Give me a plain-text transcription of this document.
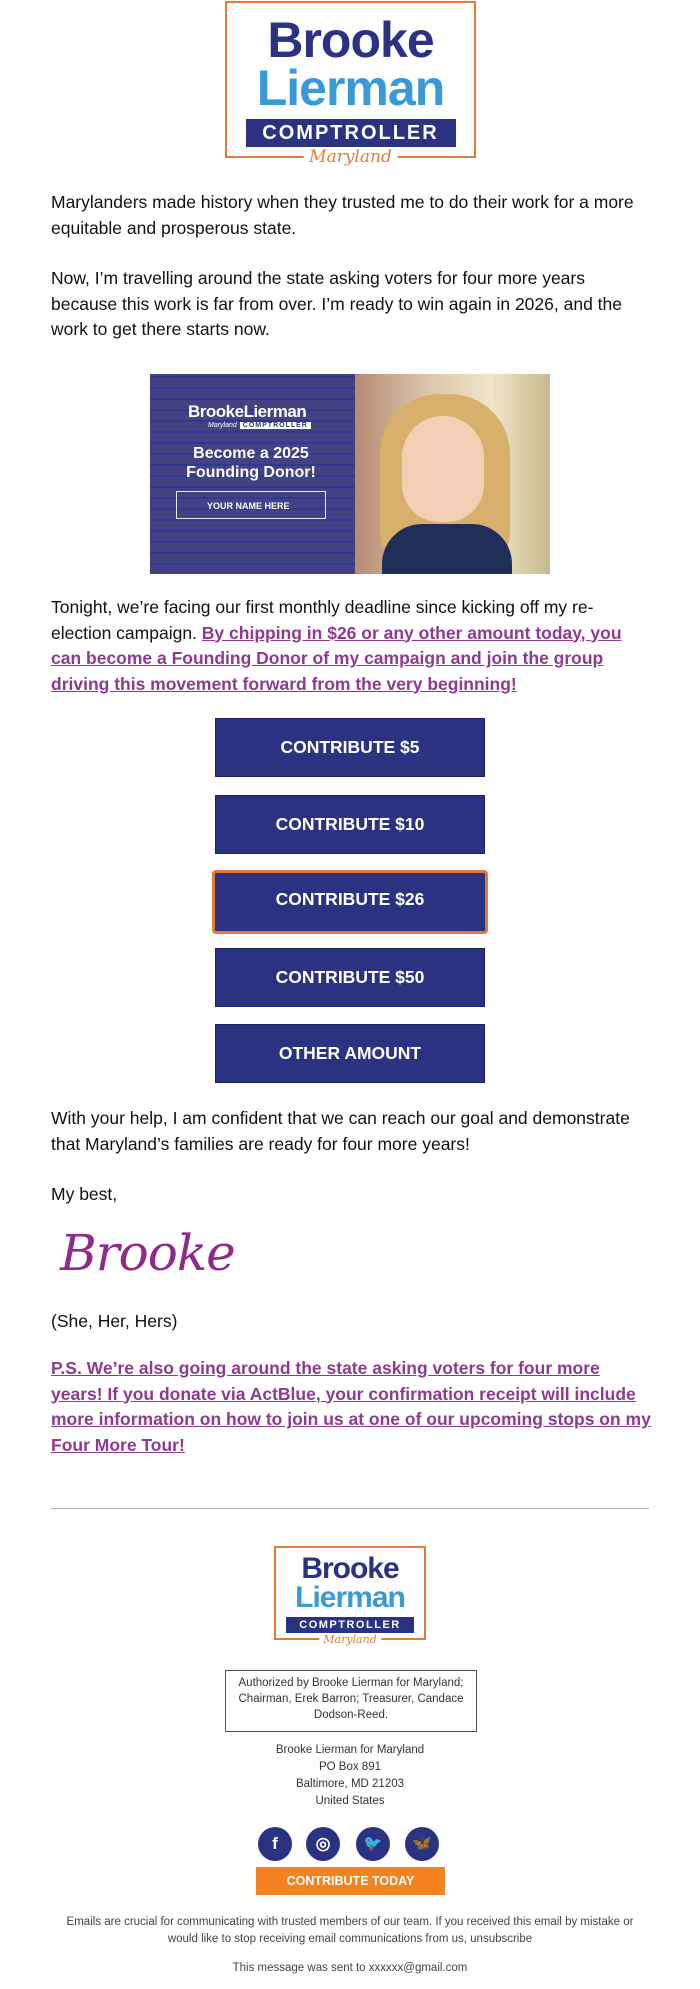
Brooke
Lierman
COMPTROLLER
Maryland

Marylanders made history when they trusted me to do their work for a more equitable and prosperous state.

Now, I’m travelling around the state asking voters for four more years because this work is far from over. I’m ready to win again in 2026, and the work to get there starts now.

BrookeLierman
Maryland COMPTROLLER
Become a 2025 Founding Donor!
YOUR NAME HERE

Tonight, we’re facing our first monthly deadline since kicking off my re-election campaign. By chipping in $26 or any other amount today, you can become a Founding Donor of my campaign and join the group driving this movement forward from the very beginning!

CONTRIBUTE $5
CONTRIBUTE $10
CONTRIBUTE $26
CONTRIBUTE $50
OTHER AMOUNT

With your help, I am confident that we can reach our goal and demonstrate that Maryland’s families are ready for four more years!

My best,

Brooke

(She, Her, Hers)

P.S. We’re also going around the state asking voters for four more years! If you donate via ActBlue, your confirmation receipt will include more information on how to join us at one of our upcoming stops on my Four More Tour!

Brooke
Lierman
COMPTROLLER
Maryland
Authorized by Brooke Lierman for Maryland; Chairman, Erek Barron; Treasurer, Candace Dodson-Reed.
Brooke Lierman for Maryland
PO Box 891
Baltimore, MD 21203
United States
f	◎	🐦	🦋
CONTRIBUTE TODAY
Emails are crucial for communicating with trusted members of our team. If you received this email by mistake or would like to stop receiving email communications from us, unsubscribe
This message was sent to xxxxxx@gmail.com
